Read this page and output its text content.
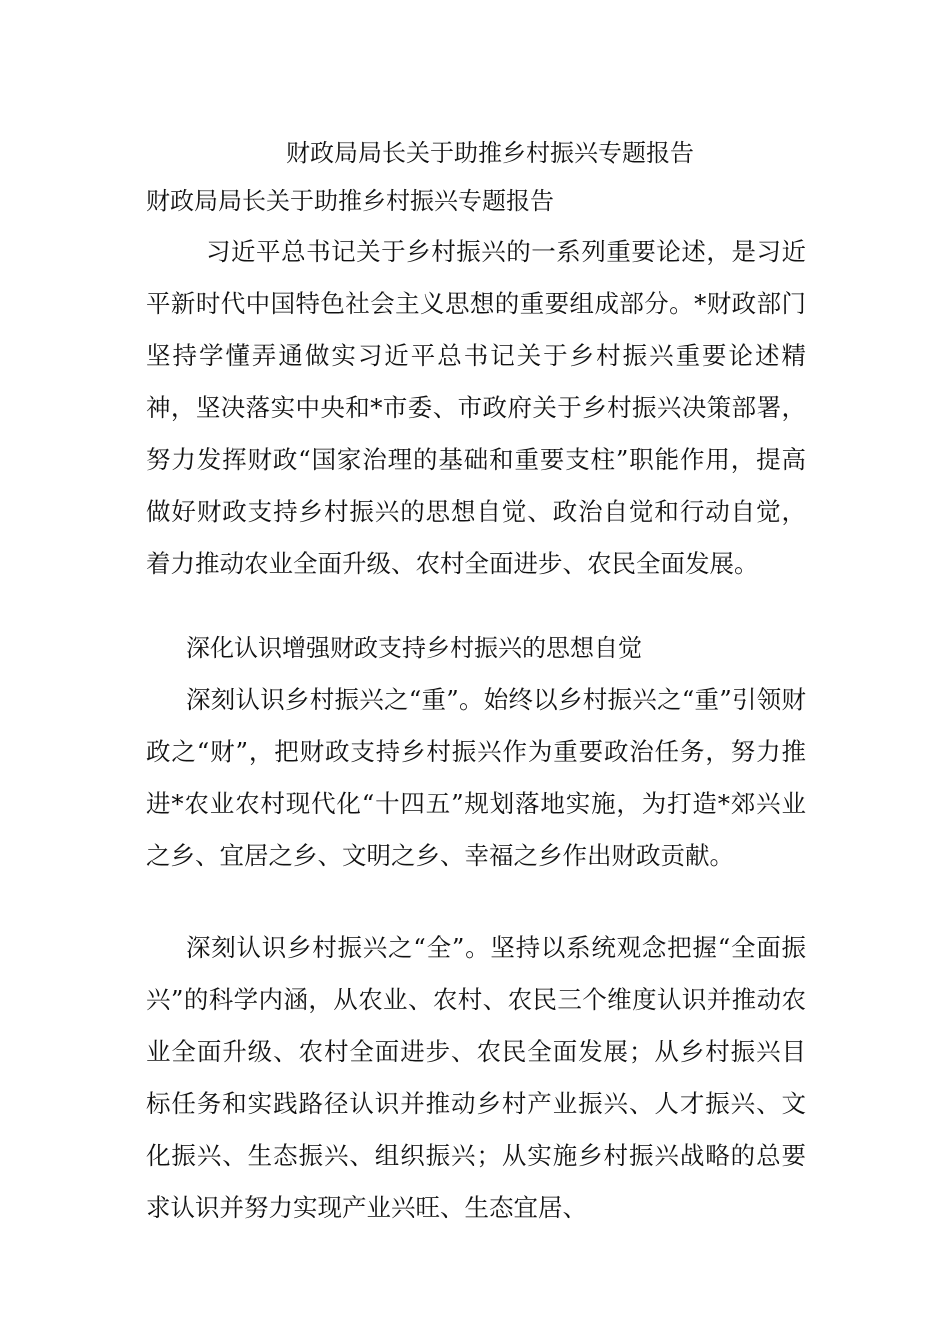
财政局局长关于助推乡村振兴专题报告
财政局局长关于助推乡村振兴专题报告

习近平总书记关于乡村振兴的一系列重要论述，是习近平新时代中国特色社会主义思想的重要组成部分。*财政部门坚持学懂弄通做实习近平总书记关于乡村振兴重要论述精神，坚决落实中央和*市委、市政府关于乡村振兴决策部署，努力发挥财政“国家治理的基础和重要支柱”职能作用，提高做好财政支持乡村振兴的思想自觉、政治自觉和行动自觉，着力推动农业全面升级、农村全面进步、农民全面发展。

深化认识增强财政支持乡村振兴的思想自觉

深刻认识乡村振兴之“重”。始终以乡村振兴之“重”引领财政之“财”，把财政支持乡村振兴作为重要政治任务，努力推进*农业农村现代化“十四五”规划落地实施，为打造*郊兴业之乡、宜居之乡、文明之乡、幸福之乡作出财政贡献。

深刻认识乡村振兴之“全”。坚持以系统观念把握“全面振兴”的科学内涵，从农业、农村、农民三个维度认识并推动农业全面升级、农村全面进步、农民全面发展；从乡村振兴目标任务和实践路径认识并推动乡村产业振兴、人才振兴、文化振兴、生态振兴、组织振兴；从实施乡村振兴战略的总要求认识并努力实现产业兴旺、生态宜居、
